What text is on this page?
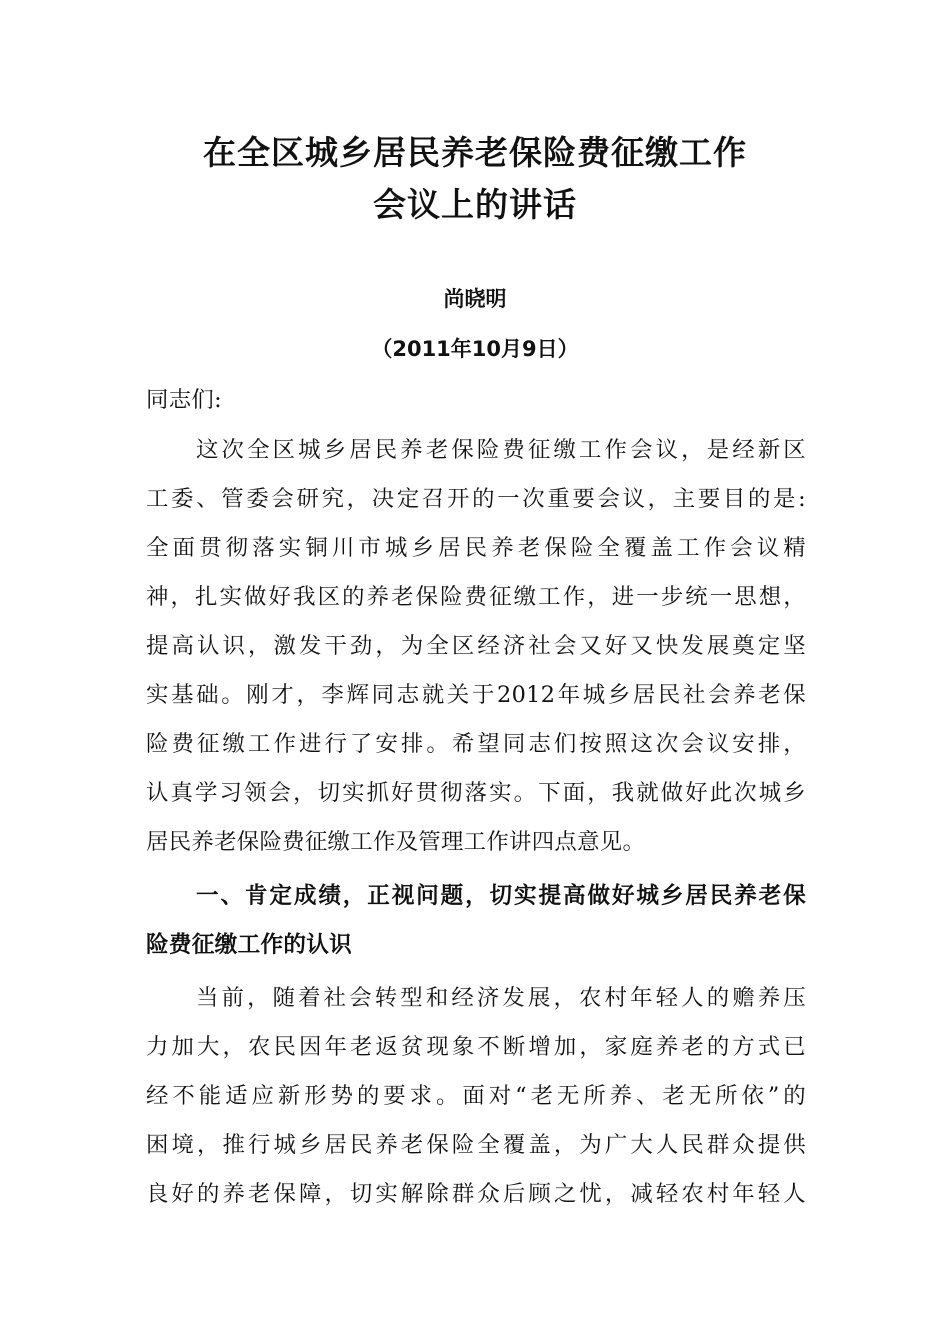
在全区城乡居民养老保险费征缴工作
会议上的讲话
尚晓明
（2011年10月9日）
同志们:
这次全区城乡居民养老保险费征缴工作会议，是经新区
工委、管委会研究，决定召开的一次重要会议，主要目的是:
全面贯彻落实铜川市城乡居民养老保险全覆盖工作会议精
神，扎实做好我区的养老保险费征缴工作，进一步统一思想，
提高认识，激发干劲，为全区经济社会又好又快发展奠定坚
实基础。刚才，李辉同志就关于2012年城乡居民社会养老保
险费征缴工作进行了安排。希望同志们按照这次会议安排，
认真学习领会，切实抓好贯彻落实。下面，我就做好此次城乡
居民养老保险费征缴工作及管理工作讲四点意见。
一、肯定成绩，正视问题，切实提高做好城乡居民养老保
险费征缴工作的认识
当前，随着社会转型和经济发展，农村年轻人的赡养压
力加大，农民因年老返贫现象不断增加，家庭养老的方式已
经不能适应新形势的要求。面对“老无所养、老无所依”的
困境，推行城乡居民养老保险全覆盖，为广大人民群众提供
良好的养老保障，切实解除群众后顾之忧，减轻农村年轻人
